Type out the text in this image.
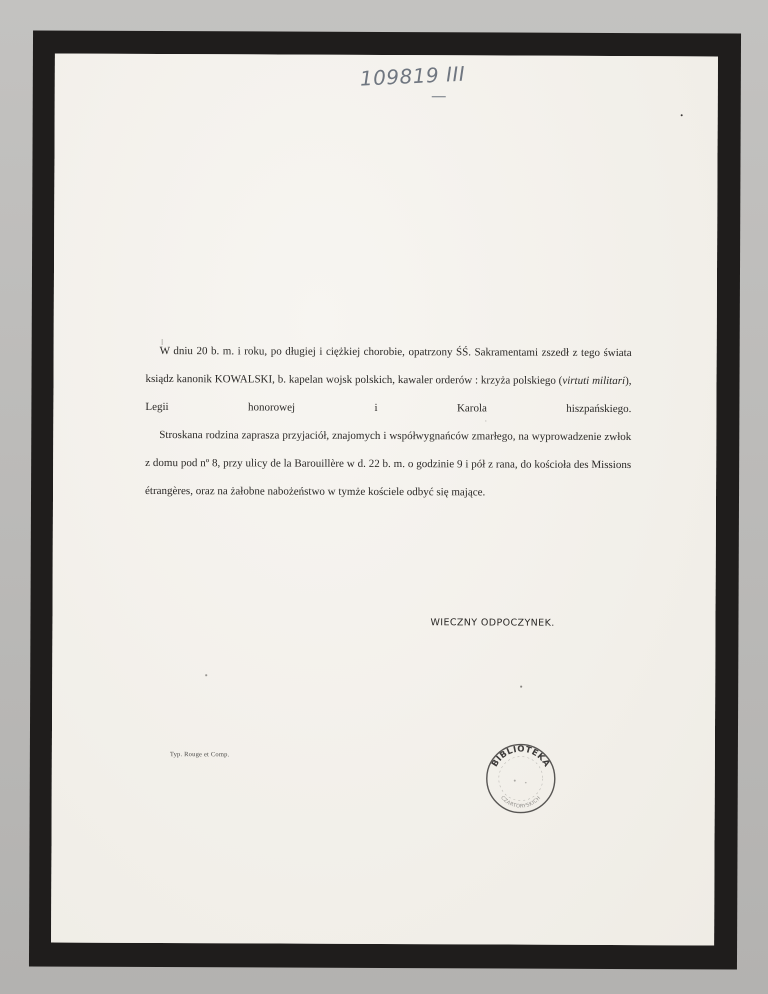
109819 III

W dniu 20 b. m. i roku, po długiej i ciężkiej chorobie, opatrzony ŚŚ. Sakramentami zszedł z tego świata ksiądz kanonik KOWALSKI, b. kapelan wojsk polskich, kawaler orderów : krzyża polskiego (virtuti militari), Legii honorowej i Karola hiszpańskiego.

Stroskana rodzina zaprasza przyjaciół, znajomych i współwygnańców zmarłego, na wyprowadzenie zwłok z domu pod nº 8, przy ulicy de la Barouillère w d. 22 b. m. o godzinie 9 i pół z rana, do kościoła des Missions étrangères, oraz na żałobne nabożeństwo w tymże kościele odbyć się mające.

WIECZNY ODPOCZYNEK.
Typ. Rouge et Comp.
BIBLIOTEKA
CZARTORYSKICH
